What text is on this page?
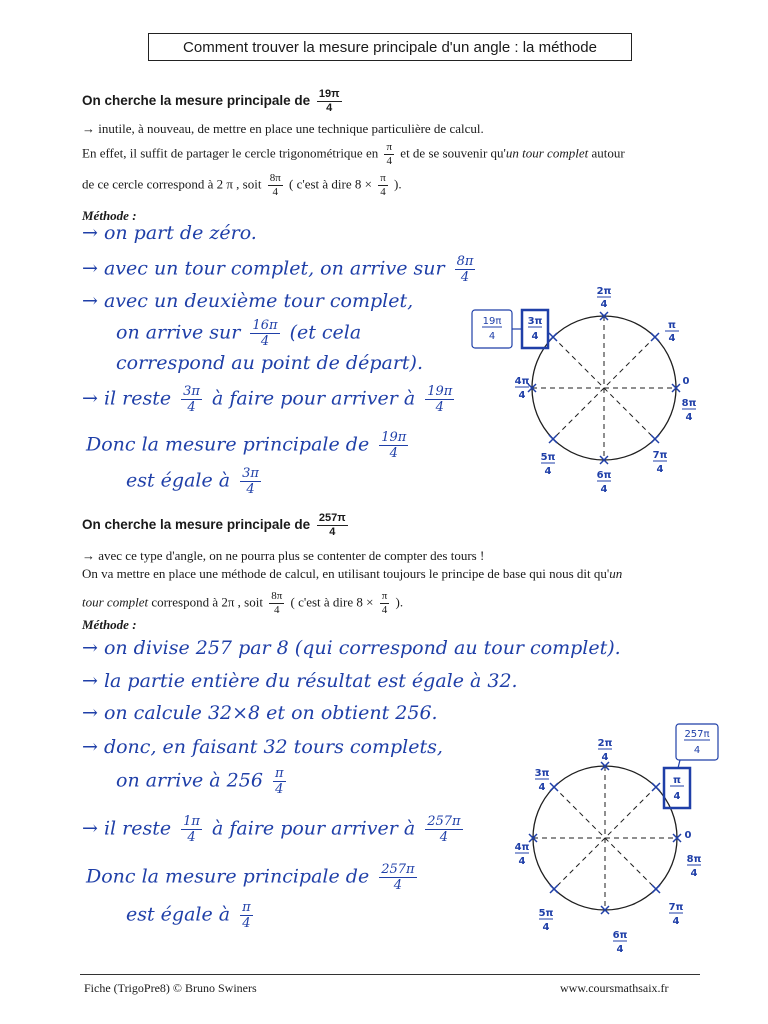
Comment trouver la mesure principale d'un angle : la méthode
On cherche la mesure principale de $\frac{19\pi}{4}$
→ inutile, à nouveau, de mettre en place une technique particulière de calcul.
En effet, il suffit de partager le cercle trigonométrique en $\frac{\pi}{4}$ et de se souvenir qu'un tour complet autour
de ce cercle correspond à 2 π , soit $\frac{8\pi}{4}$ ( c'est à dire $8 \times \frac{\pi}{4}$ ).
Méthode :
→ on part de zéro.
→ avec un tour complet, on arrive sur $\frac{8\pi}{4}$
→ avec un deuxième tour complet,
on arrive sur $\frac{16\pi}{4} (et$ cela
correspond au point de départ).
→ il reste $\frac{3\pi}{4}$ à faire pour arriver à $\frac{19\pi}{4}$
Donc la mesure principale de $\frac{19\pi}{4}$
est égale à $\frac{3\pi}{4}$
2π
4
π
4
0
8π
4
7π
4
6π
4
5π
4
4π
4
3π
4
19π
4
On cherche la mesure principale de $\frac{257\pi}{4}$
→ avec ce type d'angle, on ne pourra plus se contenter de compter des tours !
On va mettre en place une méthode de calcul, en utilisant toujours le principe de base qui nous dit qu'un
tour complet correspond à 2π , soit $\frac{8\pi}{4}$ ( c'est à dire $8 \times \frac{\pi}{4}$ ).
Méthode :
→ on divise 257 par 8 (qui correspond au tour complet).
→ la partie entière du résultat est égale à 32.
→ on calcule 32×8 et on obtient 256.
→ donc, en faisant 32 tours complets,
on arrive à $256 \frac{\pi}{4}$
→ il reste $\frac{1\pi}{4}$ à faire pour arriver à $\frac{257\pi}{4}$
Donc la mesure principale de $\frac{257\pi}{4}$
est égale à $\frac{\pi}{4}$
2π
4
3π
4
0
8π
4
7π
4
6π
4
5π
4
4π
4
π
4
257π
4
Fiche (TrigoPre8) © Bruno Swiners	www.coursmathsaix.fr
